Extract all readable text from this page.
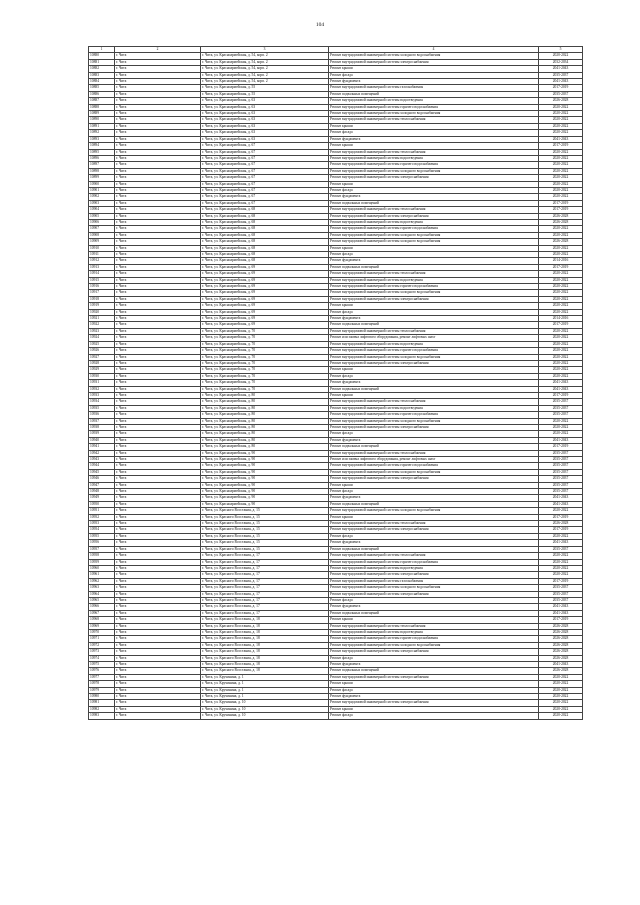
104
1	2	3	4	5
10880	г. Чита	г. Чита, ул. Красноармейская, д. 54, корп. 2	Ремонт внутридомовой инженерной системы холодного водоснабжения	2020-2022
10881	г. Чита	г. Чита, ул. Красноармейская, д. 54, корп. 2	Ремонт внутридомовой инженерной системы электроснабжения	2032-2034
10882	г. Чита	г. Чита, ул. Красноармейская, д. 54, корп. 2	Ремонт крыши	2041-2043
10883	г. Чита	г. Чита, ул. Красноармейская, д. 54, корп. 2	Ремонт фасада	2035-2037
10884	г. Чита	г. Чита, ул. Красноармейская, д. 54, корп. 2	Ремонт фундамента	2041-2043
10885	г. Чита	г. Чита, ул. Красноармейская, д. 55	Ремонт внутридомовой инженерной системы газоснабжения	2017-2019
10886	г. Чита	г. Чита, ул. Красноармейская, д. 55	Ремонт подвальных помещений	2035-2037
10887	г. Чита	г. Чита, ул. Красноармейская, д. 63	Ремонт внутридомовой инженерной системы водоотведения	2026-2028
10888	г. Чита	г. Чита, ул. Красноармейская, д. 63	Ремонт внутридомовой инженерной системы горячего водоснабжения	2020-2022
10889	г. Чита	г. Чита, ул. Красноармейская, д. 63	Ремонт внутридомовой инженерной системы холодного водоснабжения	2020-2022
10890	г. Чита	г. Чита, ул. Красноармейская, д. 63	Ремонт внутридомовой инженерной системы теплоснабжения	2020-2022
10891	г. Чита	г. Чита, ул. Красноармейская, д. 63	Ремонт крыши	2020-2022
10892	г. Чита	г. Чита, ул. Красноармейская, д. 63	Ремонт фасада	2020-2022
10893	г. Чита	г. Чита, ул. Красноармейская, д. 63	Ремонт фундамента	2041-2043
10894	г. Чита	г. Чита, ул. Красноармейская, д. 67	Ремонт крыши	2017-2019
10895	г. Чита	г. Чита, ул. Красноармейская, д. 67	Ремонт внутридомовой инженерной системы теплоснабжения	2020-2022
10896	г. Чита	г. Чита, ул. Красноармейская, д. 67	Ремонт внутридомовой инженерной системы водоотведения	2020-2022
10897	г. Чита	г. Чита, ул. Красноармейская, д. 67	Ремонт внутридомовой инженерной системы горячего водоснабжения	2020-2022
10898	г. Чита	г. Чита, ул. Красноармейская, д. 67	Ремонт внутридомовой инженерной системы холодного водоснабжения	2020-2022
10899	г. Чита	г. Чита, ул. Красноармейская, д. 67	Ремонт внутридомовой инженерной системы электроснабжения	2020-2022
10900	г. Чита	г. Чита, ул. Красноармейская, д. 67	Ремонт крыши	2020-2022
10901	г. Чита	г. Чита, ул. Красноармейская, д. 67	Ремонт фасада	2020-2022
10902	г. Чита	г. Чита, ул. Красноармейская, д. 67	Ремонт фундамента	2020-2022
10903	г. Чита	г. Чита, ул. Красноармейская, д. 67	Ремонт подвальных помещений	2017-2019
10904	г. Чита	г. Чита, ул. Красноармейская, д. 68	Ремонт внутридомовой инженерной системы теплоснабжения	2017-2019
10905	г. Чита	г. Чита, ул. Красноармейская, д. 68	Ремонт внутридомовой инженерной системы электроснабжения	2026-2028
10906	г. Чита	г. Чита, ул. Красноармейская, д. 68	Ремонт внутридомовой инженерной системы водоотведения	2026-2028
10907	г. Чита	г. Чита, ул. Красноармейская, д. 68	Ремонт внутридомовой инженерной системы горячего водоснабжения	2020-2022
10908	г. Чита	г. Чита, ул. Красноармейская, д. 68	Ремонт внутридомовой инженерной системы холодного водоснабжения	2020-2022
10909	г. Чита	г. Чита, ул. Красноармейская, д. 68	Ремонт внутридомовой инженерной системы холодного водоснабжения	2026-2028
10910	г. Чита	г. Чита, ул. Красноармейская, д. 68	Ремонт крыши	2020-2022
10911	г. Чита	г. Чита, ул. Красноармейская, д. 68	Ремонт фасада	2020-2022
10912	г. Чита	г. Чита, ул. Красноармейская, д. 68	Ремонт фундамента	2014-2016
10913	г. Чита	г. Чита, ул. Красноармейская, д. 69	Ремонт подвальных помещений	2017-2019
10914	г. Чита	г. Чита, ул. Красноармейская, д. 69	Ремонт внутридомовой инженерной системы теплоснабжения	2020-2022
10915	г. Чита	г. Чита, ул. Красноармейская, д. 69	Ремонт внутридомовой инженерной системы водоотведения	2020-2022
10916	г. Чита	г. Чита, ул. Красноармейская, д. 69	Ремонт внутридомовой инженерной системы горячего водоснабжения	2020-2022
10917	г. Чита	г. Чита, ул. Красноармейская, д. 69	Ремонт внутридомовой инженерной системы холодного водоснабжения	2020-2022
10918	г. Чита	г. Чита, ул. Красноармейская, д. 69	Ремонт внутридомовой инженерной системы электроснабжения	2020-2022
10919	г. Чита	г. Чита, ул. Красноармейская, д. 69	Ремонт крыши	2020-2022
10920	г. Чита	г. Чита, ул. Красноармейская, д. 69	Ремонт фасада	2020-2022
10921	г. Чита	г. Чита, ул. Красноармейская, д. 69	Ремонт фундамента	2014-2016
10922	г. Чита	г. Чита, ул. Красноармейская, д. 69	Ремонт подвальных помещений	2017-2019
10923	г. Чита	г. Чита, ул. Красноармейская, д. 70	Ремонт внутридомовой инженерной системы теплоснабжения	2020-2022
10924	г. Чита	г. Чита, ул. Красноармейская, д. 70	Ремонт или замена лифтового оборудования, ремонт лифтовых шахт	2020-2022
10925	г. Чита	г. Чита, ул. Красноармейская, д. 70	Ремонт внутридомовой инженерной системы водоотведения	2020-2022
10926	г. Чита	г. Чита, ул. Красноармейская, д. 70	Ремонт внутридомовой инженерной системы горячего водоснабжения	2020-2022
10927	г. Чита	г. Чита, ул. Красноармейская, д. 70	Ремонт внутридомовой инженерной системы холодного водоснабжения	2020-2022
10928	г. Чита	г. Чита, ул. Красноармейская, д. 70	Ремонт внутридомовой инженерной системы электроснабжения	2020-2022
10929	г. Чита	г. Чита, ул. Красноармейская, д. 70	Ремонт крыши	2020-2022
10930	г. Чита	г. Чита, ул. Красноармейская, д. 70	Ремонт фасада	2020-2022
10931	г. Чита	г. Чита, ул. Красноармейская, д. 70	Ремонт фундамента	2041-2043
10932	г. Чита	г. Чита, ул. Красноармейская, д. 70	Ремонт подвальных помещений	2041-2043
10933	г. Чита	г. Чита, ул. Красноармейская, д. 80	Ремонт крыши	2017-2019
10934	г. Чита	г. Чита, ул. Красноармейская, д. 80	Ремонт внутридомовой инженерной системы теплоснабжения	2035-2037
10935	г. Чита	г. Чита, ул. Красноармейская, д. 80	Ремонт внутридомовой инженерной системы водоотведения	2035-2037
10936	г. Чита	г. Чита, ул. Красноармейская, д. 80	Ремонт внутридомовой инженерной системы горячего водоснабжения	2035-2037
10937	г. Чита	г. Чита, ул. Красноармейская, д. 80	Ремонт внутридомовой инженерной системы холодного водоснабжения	2020-2022
10938	г. Чита	г. Чита, ул. Красноармейская, д. 80	Ремонт внутридомовой инженерной системы электроснабжения	2020-2022
10939	г. Чита	г. Чита, ул. Красноармейская, д. 80	Ремонт фасада	2020-2022
10940	г. Чита	г. Чита, ул. Красноармейская, д. 80	Ремонт фундамента	2041-2043
10941	г. Чита	г. Чита, ул. Красноармейская, д. 80	Ремонт подвальных помещений	2017-2019
10942	г. Чита	г. Чита, ул. Красноармейская, д. 90	Ремонт внутридомовой инженерной системы теплоснабжения	2035-2037
10943	г. Чита	г. Чита, ул. Красноармейская, д. 90	Ремонт или замена лифтового оборудования, ремонт лифтовых шахт	2035-2037
10944	г. Чита	г. Чита, ул. Красноармейская, д. 90	Ремонт внутридомовой инженерной системы горячего водоснабжения	2035-2037
10945	г. Чита	г. Чита, ул. Красноармейская, д. 90	Ремонт внутридомовой инженерной системы холодного водоснабжения	2035-2037
10946	г. Чита	г. Чита, ул. Красноармейская, д. 90	Ремонт внутридомовой инженерной системы электроснабжения	2035-2037
10947	г. Чита	г. Чита, ул. Красноармейская, д. 90	Ремонт крыши	2035-2037
10948	г. Чита	г. Чита, ул. Красноармейская, д. 90	Ремонт фасада	2035-2037
10949	г. Чита	г. Чита, ул. Красноармейская, д. 90	Ремонт фундамента	2041-2043
10950	г. Чита	г. Чита, ул. Красноармейская, д. 90	Ремонт подвальных помещений	2041-2043
10951	г. Чита	г. Чита, ул. Красного Восстания, д. 15	Ремонт внутридомовой инженерной системы холодного водоснабжения	2020-2022
10952	г. Чита	г. Чита, ул. Красного Восстания, д. 15	Ремонт крыши	2017-2019
10953	г. Чита	г. Чита, ул. Красного Восстания, д. 15	Ремонт внутридомовой инженерной системы теплоснабжения	2026-2028
10954	г. Чита	г. Чита, ул. Красного Восстания, д. 15	Ремонт внутридомовой инженерной системы электроснабжения	2017-2019
10955	г. Чита	г. Чита, ул. Красного Восстания, д. 15	Ремонт фасада	2020-2022
10956	г. Чита	г. Чита, ул. Красного Восстания, д. 15	Ремонт фундамента	2041-2043
10957	г. Чита	г. Чита, ул. Красного Восстания, д. 15	Ремонт подвальных помещений	2035-2037
10958	г. Чита	г. Чита, ул. Красного Восстания, д. 17	Ремонт внутридомовой инженерной системы теплоснабжения	2020-2022
10959	г. Чита	г. Чита, ул. Красного Восстания, д. 17	Ремонт внутридомовой инженерной системы горячего водоснабжения	2020-2022
10960	г. Чита	г. Чита, ул. Красного Восстания, д. 17	Ремонт внутридомовой инженерной системы водоотведения	2020-2022
10961	г. Чита	г. Чита, ул. Красного Восстания, д. 17	Ремонт внутридомовой инженерной системы электроснабжения	2020-2022
10962	г. Чита	г. Чита, ул. Красного Восстания, д. 17	Ремонт внутридомовой инженерной системы газоснабжения	2017-2019
10963	г. Чита	г. Чита, ул. Красного Восстания, д. 17	Ремонт внутридомовой инженерной системы холодного водоснабжения	2035-2037
10964	г. Чита	г. Чита, ул. Красного Восстания, д. 17	Ремонт внутридомовой инженерной системы электроснабжения	2035-2037
10965	г. Чита	г. Чита, ул. Красного Восстания, д. 17	Ремонт фасада	2035-2037
10966	г. Чита	г. Чита, ул. Красного Восстания, д. 17	Ремонт фундамента	2041-2043
10967	г. Чита	г. Чита, ул. Красного Восстания, д. 17	Ремонт подвальных помещений	2041-2043
10968	г. Чита	г. Чита, ул. Красного Восстания, д. 18	Ремонт крыши	2017-2019
10969	г. Чита	г. Чита, ул. Красного Восстания, д. 18	Ремонт внутридомовой инженерной системы теплоснабжения	2026-2028
10970	г. Чита	г. Чита, ул. Красного Восстания, д. 18	Ремонт внутридомовой инженерной системы водоотведения	2026-2028
10971	г. Чита	г. Чита, ул. Красного Восстания, д. 18	Ремонт внутридомовой инженерной системы горячего водоснабжения	2026-2028
10972	г. Чита	г. Чита, ул. Красного Восстания, д. 18	Ремонт внутридомовой инженерной системы холодного водоснабжения	2026-2028
10973	г. Чита	г. Чита, ул. Красного Восстания, д. 18	Ремонт внутридомовой инженерной системы электроснабжения	2026-2028
10974	г. Чита	г. Чита, ул. Красного Восстания, д. 18	Ремонт фасада	2026-2028
10975	г. Чита	г. Чита, ул. Красного Восстания, д. 18	Ремонт фундамента	2041-2043
10976	г. Чита	г. Чита, ул. Красного Восстания, д. 18	Ремонт подвальных помещений	2026-2028
10977	г. Чита	г. Чита, ул. Кручинина, д. 1	Ремонт внутридомовой инженерной системы электроснабжения	2020-2022
10978	г. Чита	г. Чита, ул. Кручинина, д. 1	Ремонт крыши	2020-2022
10979	г. Чита	г. Чита, ул. Кручинина, д. 1	Ремонт фасада	2020-2022
10980	г. Чита	г. Чита, ул. Кручинина, д. 1	Ремонт фундамента	2020-2022
10981	г. Чита	г. Чита, ул. Кручинина, д. 10	Ремонт внутридомовой инженерной системы электроснабжения	2020-2022
10982	г. Чита	г. Чита, ул. Кручинина, д. 10	Ремонт крыши	2020-2022
10983	г. Чита	г. Чита, ул. Кручинина, д. 10	Ремонт фасада	2020-2022
